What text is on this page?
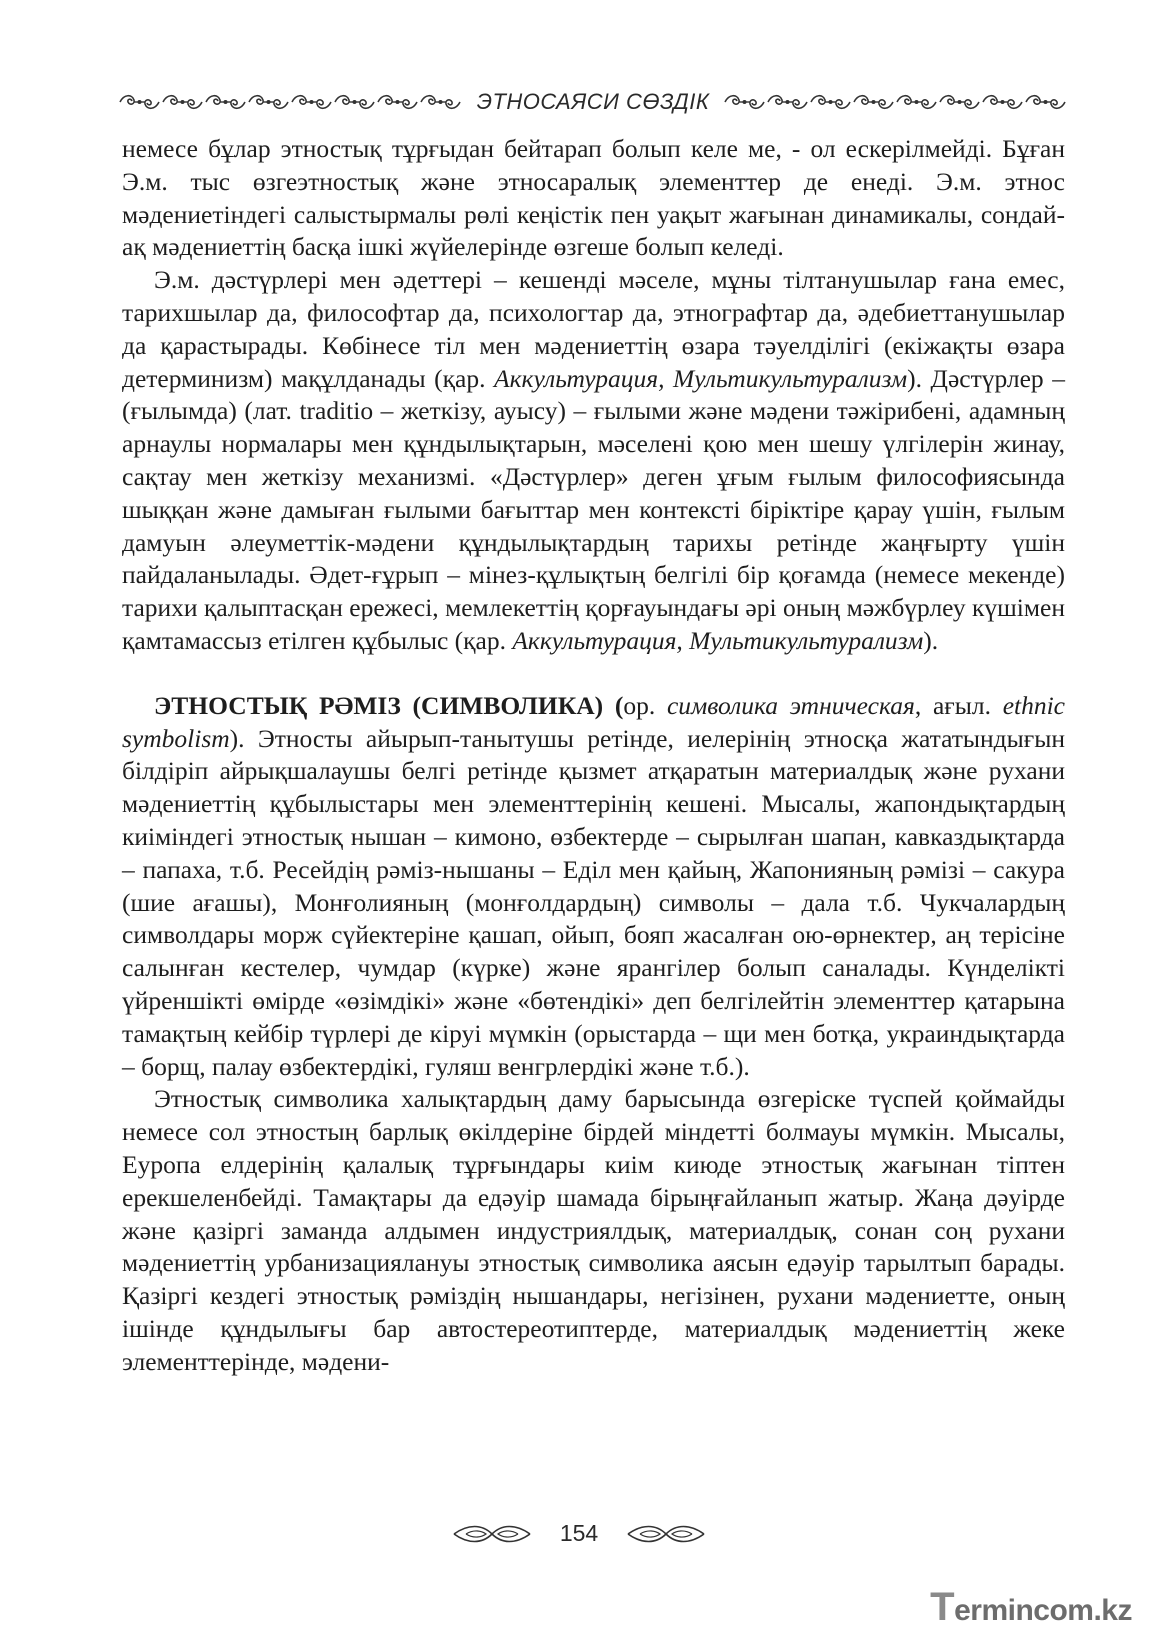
ЭТНОСАЯСИ СӨЗДІК

немесе бұлар этностық тұрғыдан бейтарап болып келе ме, - ол ескерілмейді. Бұған Э.м. тыс өзгеэтностық және этносаралық элементтер де енеді. Э.м. этнос мәдениетіндегі салыстырмалы рөлі кеңістік пен уақыт жағынан динамикалы, сондай-ақ мәдениеттің басқа ішкі жүйелерінде өзгеше болып келеді.

Э.м. дәстүрлері мен әдеттері – кешенді мәселе, мұны тілтанушылар ғана емес, тарихшылар да, философтар да, психологтар да, этнографтар да, әдебиеттанушылар да қарастырады. Көбінесе тіл мен мәдениеттің өзара тәуелділігі (екіжақты өзара детерминизм) мақұлданады (қар. Аккультурация, Мультикультурализм). Дәстүрлер – (ғылымда) (лат. traditio – жеткізу, ауысу) – ғылыми және мәдени тәжірибені, адамның арнаулы нормалары мен құндылықтарын, мәселені қою мен шешу үлгілерін жинау, сақтау мен жеткізу механизмі. «Дәстүрлер» деген ұғым ғылым философиясында шыққан және дамыған ғылыми бағыттар мен контексті біріктіре қарау үшін, ғылым дамуын әлеуметтік-мәдени құндылықтардың тарихы ретінде жаңғырту үшін пайдаланылады. Әдет-ғұрып – мінез-құлықтың белгілі бір қоғамда (немесе мекенде) тарихи қалыптасқан ережесі, мемлекеттің қорғауындағы әрі оның мәжбүрлеу күшімен қамтамассыз етілген құбылыс (қар. Аккультурация, Мультикультурализм).

ЭТНОСТЫҚ РӘМІЗ (СИМВОЛИКА) (ор. символика этническая, ағыл. ethnic symbolism). Этносты айырып-танытушы ретінде, иелерінің этносқа жататындығын білдіріп айрықшалаушы белгі ретінде қызмет атқаратын материалдық және рухани мәдениеттің құбылыстары мен элементтерінің кешені. Мысалы, жапондықтардың киіміндегі этностық нышан – кимоно, өзбектерде – сырылған шапан, кавказдықтарда – папаха, т.б. Ресейдің рәміз-нышаны – Еділ мен қайың, Жапонияның рәмізі – сакура (шие ағашы), Монғолияның (монғолдардың) символы – дала т.б. Чукчалардың символдары морж сүйектеріне қашап, ойып, бояп жасалған ою-өрнектер, аң терісіне салынған кестелер, чумдар (күрке) және ярангілер болып саналады. Күнделікті үйреншікті өмірде «өзімдікі» және «бөтендікі» деп белгілейтін элементтер қатарына тамақтың кейбір түрлері де кіруі мүмкін (орыстарда – щи мен ботқа, украиндықтарда – борщ, палау өзбектердікі, гуляш венгрлердікі және т.б.).

Этностық символика халықтардың даму барысында өзгеріске түспей қоймайды немесе сол этностың барлық өкілдеріне бірдей міндетті болмауы мүмкін. Мысалы, Еуропа елдерінің қалалық тұрғындары киім киюде этностық жағынан тіптен ерекшеленбейді. Тамақтары да едәуір шамада бірыңғайланып жатыр. Жаңа дәуірде және қазіргі заманда алдымен индустриялдық, материалдық, сонан соң рухани мәдениеттің урбанизациялануы этностық символика аясын едәуір тарылтып барады. Қазіргі кездегі этностық рәміздің нышандары, негізінен, рухани мәдениетте, оның ішінде құндылығы бар автостереотиптерде, материалдық мәдениеттің жеке элементтерінде, мәдени-

154
Termincom.kz
